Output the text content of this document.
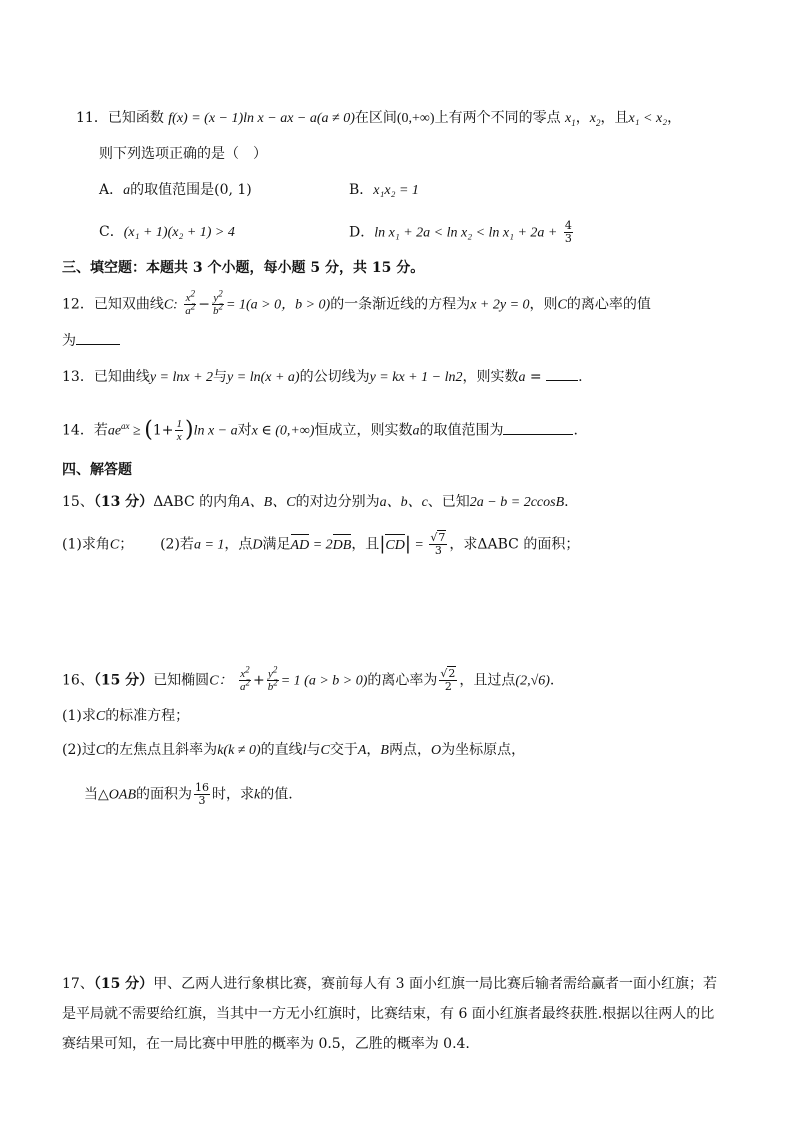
11．已知函数 f(x) = (x − 1)ln x − ax − a(a ≠ 0)在区间(0,+∞)上有两个不同的零点 $x_1$，$x_2$，且x₁ < x₂，
则下列选项正确的是（　）
A．a的取值范围是(0, 1)	B．x₁x₂ = 1
C．(x₁ + 1)(x₂ + 1) > 4	D．$\ln x_1 + 2a < \ln x_2 < \ln x_1 + 2a + \frac{4}{3}$
三、填空题：本题共 3 个小题，每小题 5 分，共 15 分。
12．已知双曲线C: $\frac{x^2}{a^2} - \frac{y^2}{b^2} = 1(a > 0$，b > 0)的一条渐近线的方程为x + 2y = 0，则C的离心率的值
为
13．已知曲线y = lnx + 2与y = ln(x + a)的公切线为y = kx + 1 − ln2，则实数a = .
14．若$ae^{ax} \ge (1+ \frac{1}{x} )\ln$ x − a对x ∈ (0,+∞)恒成立，则实数a的取值范围为	.
四、解答题
15、（13 分）ΔABC 的内角A、B、C的对边分别为a、b、c、已知2a − b = 2ccosB.
(1)求角C； (2)若a = 1，点D满足AD = 2DB，且$|CD| = \frac{√7}{3}$ ，求ΔABC 的面积；
16、（15 分）已知椭圆C： $\frac{x^2}{a^2} + \frac{y^2}{b^2} = 1$ (a > b > 0)的离心率为 $\frac{√2}{2}$ ，且过点(2,√6).
(1)求C的标准方程；
(2)过C的左焦点且斜率为k(k ≠ 0)的直线l与C交于A，B两点，O为坐标原点，
当△OAB的面积为 $\frac{16}{3}$ 时，求k的值.
17、（15 分）甲、乙两人进行象棋比赛，赛前每人有 3 面小红旗一局比赛后输者需给赢者一面小红旗；若
是平局就不需要给红旗，当其中一方无小红旗时，比赛结束，有 6 面小红旗者最终获胜.根据以往两人的比
赛结果可知，在一局比赛中甲胜的概率为 0.5，乙胜的概率为 0.4.
